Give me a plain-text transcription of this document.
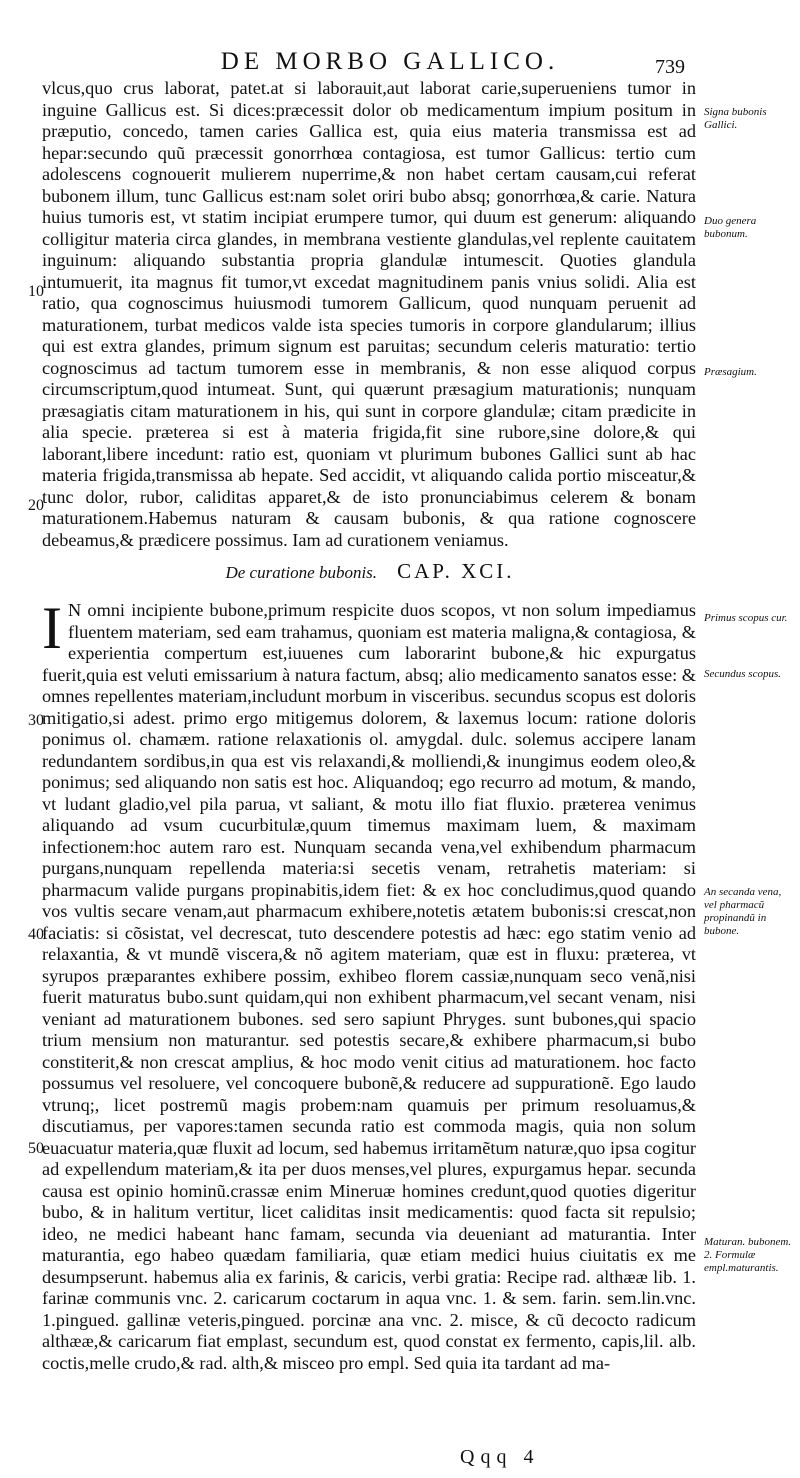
DE MORBO GALLICO.	739
vlcus,quo crus laborat, patet.at si laborauit,aut laborat carie,superueniens tumor in inguine Gallicus est. Si dices:præcessit dolor ob medicamentum impium positum in præputio, concedo, tamen caries Gallica est, quia eius materia transmissa est ad hepar:secundo quũ præcessit gonorrhœa contagiosa, est tumor Gallicus: tertio cum adolescens cognouerit mulierem nuperrime,& non habet certam causam,cui referat bubonem illum, tunc Gallicus est:nam solet oriri bubo absq; gonorrhœa,& carie. Natura huius tumoris est, vt statim incipiat erumpere tumor, qui duum est generum: aliquando colligitur materia circa glandes, in membrana vestiente glandulas,vel replente cauitatem inguinum: aliquando substantia propria glandulæ intumescit. Quoties glandula intumuerit, ita magnus fit tumor,vt excedat magnitudinem panis vnius solidi. Alia est ratio, qua cognoscimus huiusmodi tumorem Gallicum, quod nunquam peruenit ad maturationem, turbat medicos valde ista species tumoris in corpore glandularum; illius qui est extra glandes, primum signum est paruitas; secundum celeris maturatio: tertio cognoscimus ad tactum tumorem esse in membranis, & non esse aliquod corpus circumscriptum,quod intumeat. Sunt, qui quærunt præsagium maturationis; nunquam præsagiatis citam maturationem in his, qui sunt in corpore glandulæ; citam prædicite in alia specie. præterea si est à materia frigida,fit sine rubore,sine dolore,& qui laborant,libere incedunt: ratio est, quoniam vt plurimum bubones Gallici sunt ab hac materia frigida,transmissa ab hepate. Sed accidit, vt aliquando calida portio misceatur,& tunc dolor, rubor, caliditas apparet,& de isto pronunciabimus celerem & bonam maturationem.Habemus naturam & causam bubonis, & qua ratione cognoscere debeamus,& prædicere possimus. Iam ad curationem veniamus.
De curatione bubonis. CAP. XCI.
I N omni incipiente bubone,primum respicite duos scopos, vt non solum impediamus fluentem materiam, sed eam trahamus, quoniam est materia maligna,& contagiosa, & experientia compertum est,iuuenes cum laborarint bubone,& hic expurgatus fuerit,quia est veluti emissarium à natura factum, absq; alio medicamento sanatos esse: & omnes repellentes materiam,includunt morbum in visceribus. secundus scopus est doloris mitigatio,si adest. primo ergo mitigemus dolorem, & laxemus locum: ratione doloris ponimus ol. chamæm. ratione relaxationis ol. amygdal. dulc. solemus accipere lanam redundantem sordibus,in qua est vis relaxandi,& molliendi,& inungimus eodem oleo,& ponimus; sed aliquando non satis est hoc. Aliquandoq; ego recurro ad motum, & mando, vt ludant gladio,vel pila parua, vt saliant, & motu illo fiat fluxio. præterea venimus aliquando ad vsum cucurbitulæ,quum timemus maximam luem, & maximam infectionem:hoc autem raro est. Nunquam secanda vena,vel exhibendum pharmacum purgans,nunquam repellenda materia:si secetis venam, retrahetis materiam: si pharmacum valide purgans propinabitis,idem fiet: & ex hoc concludimus,quod quando vos vultis secare venam,aut pharmacum exhibere,notetis ætatem bubonis:si crescat,non faciatis: si cõsistat, vel decrescat, tuto descendere potestis ad hæc: ego statim venio ad relaxantia, & vt mundẽ viscera,& nõ agitem materiam, quæ est in fluxu: præterea, vt syrupos præparantes exhibere possim, exhibeo florem cassiæ,nunquam seco venã,nisi fuerit maturatus bubo.sunt quidam,qui non exhibent pharmacum,vel secant venam, nisi veniant ad maturationem bubones. sed sero sapiunt Phryges. sunt bubones,qui spacio trium mensium non maturantur. sed potestis secare,& exhibere pharmacum,si bubo constiterit,& non crescat amplius, & hoc modo venit citius ad maturationem. hoc facto possumus vel resoluere, vel concoquere bubonẽ,& reducere ad suppurationẽ. Ego laudo vtrunq;, licet postremũ magis probem:nam quamuis per primum resoluamus,& discutiamus, per vapores:tamen secunda ratio est commoda magis, quia non solum euacuatur materia,quæ fluxit ad locum, sed habemus irritamẽtum naturæ,quo ipsa cogitur ad expellendum materiam,& ita per duos menses,vel plures, expurgamus hepar. secunda causa est opinio hominũ.crassæ enim Mineruæ homines credunt,quod quoties digeritur bubo, & in halitum vertitur, licet caliditas insit medicamentis: quod facta sit repulsio; ideo, ne medici habeant hanc famam, secunda via deueniant ad maturantia. Inter maturantia, ego habeo quædam familiaria, quæ etiam medici huius ciuitatis ex me desumpserunt. habemus alia ex farinis, & caricis, verbi gratia: Recipe rad. althææ lib. 1. farinæ communis vnc. 2. caricarum coctarum in aqua vnc. 1. & sem. farin. sem.lin.vnc. 1.pingued. gallinæ veteris,pingued. porcinæ ana vnc. 2. misce, & cũ decocto radicum althææ,& caricarum fiat emplast, secundum est, quod constat ex fermento, capis,lil. alb. coctis,melle crudo,& rad. alth,& misceo pro empl. Sed quia ita tardant ad ma-
10
20
30
40
50
Signa bubonis Gallici.
Duo genera bubonum.
Præsagium.
Primus scopus cur.
Secundus scopus.
An secanda vena, vel pharmacũ propinandũ in bubone.
Maturan. bubonem. 2. Formulæ empl.maturantis.
Qqq 4
